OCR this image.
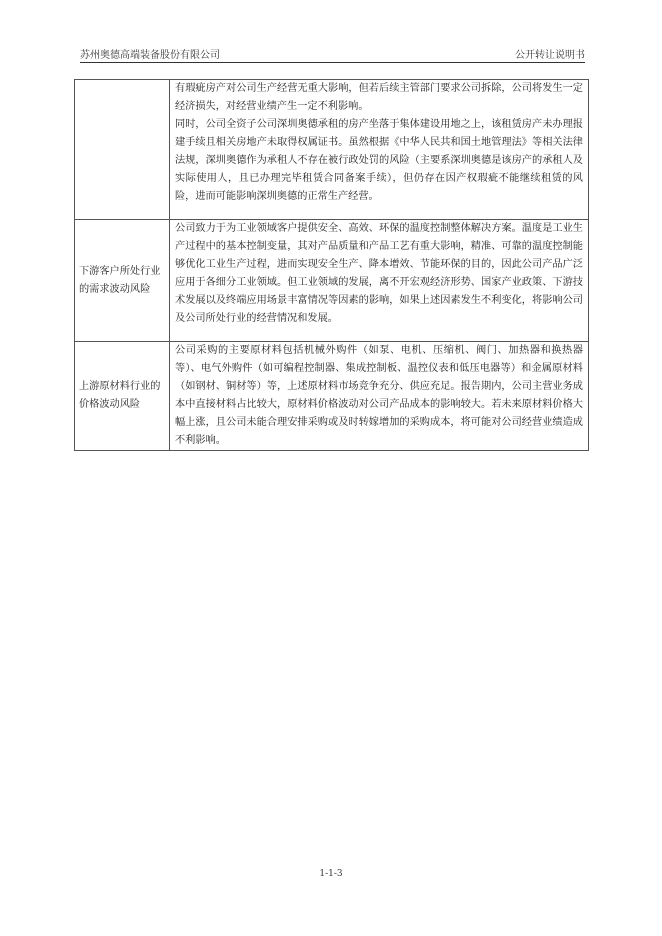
苏州奥德高端装备股份有限公司	公开转让说明书

	有瑕疵房产对公司生产经营无重大影响，但若后续主管部门要求公司拆除，公司将发生一定经济损失，对经营业绩产生一定不利影响。

同时，公司全资子公司深圳奥德承租的房产坐落于集体建设用地之上，该租赁房产未办理报建手续且相关房地产未取得权属证书。虽然根据《中华人民共和国土地管理法》等相关法律法规，深圳奥德作为承租人不存在被行政处罚的风险（主要系深圳奥德是该房产的承租人及实际使用人，且已办理完毕租赁合同备案手续），但仍存在因产权瑕疵不能继续租赁的风险，进而可能影响深圳奥德的正常生产经营。

下游客户所处行业的需求波动风险	公司致力于为工业领域客户提供安全、高效、环保的温度控制整体解决方案。温度是工业生产过程中的基本控制变量，其对产品质量和产品工艺有重大影响，精准、可靠的温度控制能够优化工业生产过程，进而实现安全生产、降本增效、节能环保的目的，因此公司产品广泛应用于各细分工业领域。但工业领域的发展，离不开宏观经济形势、国家产业政策、下游技术发展以及终端应用场景丰富情况等因素的影响，如果上述因素发生不利变化，将影响公司及公司所处行业的经营情况和发展。

上游原材料行业的价格波动风险	公司采购的主要原材料包括机械外购件（如泵、电机、压缩机、阀门、加热器和换热器等）、电气外购件（如可编程控制器、集成控制板、温控仪表和低压电器等）和金属原材料（如钢材、铜材等）等，上述原材料市场竞争充分、供应充足。报告期内，公司主营业务成本中直接材料占比较大，原材料价格波动对公司产品成本的影响较大。若未来原材料价格大幅上涨，且公司未能合理安排采购或及时转嫁增加的采购成本，将可能对公司经营业绩造成不利影响。

1-1-3
